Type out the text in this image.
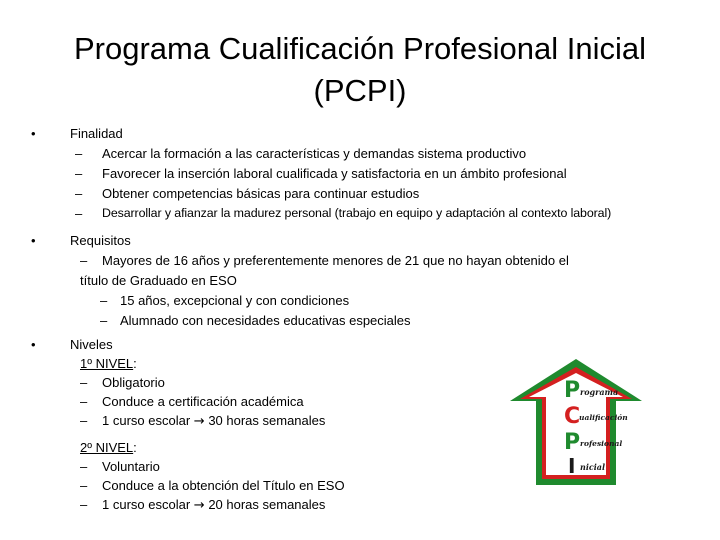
Programa Cualificación Profesional Inicial
(PCPI)
•	Finalidad
– Acercar la formación a las características y demandas sistema productivo
– Favorecer la inserción laboral cualificada y satisfactoria en un ámbito profesional
– Obtener competencias básicas para continuar estudios
– Desarrollar y afianzar la madurez personal (trabajo en equipo y adaptación al contexto laboral)
•	Requisitos
– Mayores de 16 años y preferentemente menores de 21 que no hayan obtenido el
título de Graduado en ESO
– 15 años, excepcional y con condiciones
– Alumnado con necesidades educativas especiales
•	Niveles
1º NIVEL:
– Obligatorio
– Conduce a certificación académica
– 1 curso escolar → 30 horas semanales
2º NIVEL:
– Voluntario
– Conduce a la obtención del Título en ESO
– 1 curso escolar → 20 horas semanales
P rograma
C
ualificación
P rofesional
I nicial
